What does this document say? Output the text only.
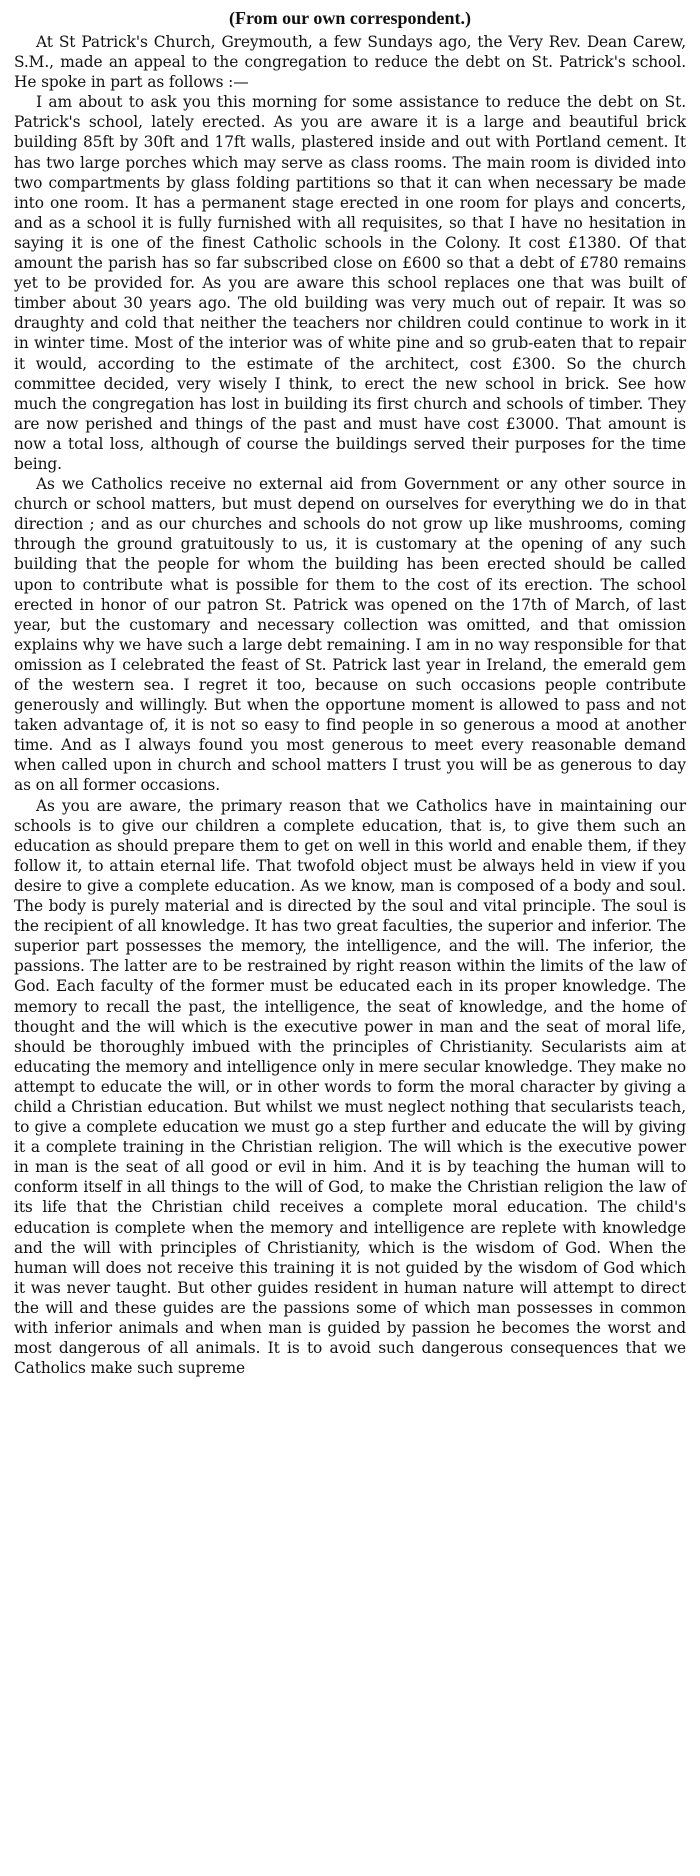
(From our own correspondent.)

At St Patrick's Church, Greymouth, a few Sundays ago, the Very Rev. Dean Carew, S.M., made an appeal to the congregation to reduce the debt on St. Patrick's school. He spoke in part as follows :—

I am about to ask you this morning for some assistance to reduce the debt on St. Patrick's school, lately erected. As you are aware it is a large and beautiful brick building 85ft by 30ft and 17ft walls, plastered inside and out with Portland cement. It has two large porches which may serve as class rooms. The main room is divided into two compartments by glass folding partitions so that it can when necessary be made into one room. It has a permanent stage erected in one room for plays and concerts, and as a school it is fully furnished with all requisites, so that I have no hesitation in saying it is one of the finest Catholic schools in the Colony. It cost £1380. Of that amount the parish has so far subscribed close on £600 so that a debt of £780 remains yet to be provided for. As you are aware this school replaces one that was built of timber about 30 years ago. The old building was very much out of repair. It was so draughty and cold that neither the teachers nor children could continue to work in it in winter time. Most of the interior was of white pine and so grub-eaten that to repair it would, according to the estimate of the architect, cost £300. So the church committee decided, very wisely I think, to erect the new school in brick. See how much the congregation has lost in building its first church and schools of timber. They are now perished and things of the past and must have cost £3000. That amount is now a total loss, although of course the buildings served their purposes for the time being.

As we Catholics receive no external aid from Government or any other source in church or school matters, but must depend on ourselves for everything we do in that direction ; and as our churches and schools do not grow up like mushrooms, coming through the ground gratuitously to us, it is customary at the opening of any such building that the people for whom the building has been erected should be called upon to contribute what is possible for them to the cost of its erection. The school erected in honor of our patron St. Patrick was opened on the 17th of March, of last year, but the customary and necessary collection was omitted, and that omission explains why we have such a large debt remaining. I am in no way responsible for that omission as I celebrated the feast of St. Patrick last year in Ireland, the emerald gem of the western sea. I regret it too, because on such occasions people contribute generously and willingly. But when the opportune moment is allowed to pass and not taken advantage of, it is not so easy to find people in so generous a mood at another time. And as I always found you most generous to meet every reasonable demand when called upon in church and school matters I trust you will be as generous to day as on all former occasions.

As you are aware, the primary reason that we Catholics have in maintaining our schools is to give our children a complete education, that is, to give them such an education as should prepare them to get on well in this world and enable them, if they follow it, to attain eternal life. That twofold object must be always held in view if you desire to give a complete education. As we know, man is composed of a body and soul. The body is purely material and is directed by the soul and vital principle. The soul is the recipient of all knowledge. It has two great faculties, the superior and inferior. The superior part possesses the memory, the intelligence, and the will. The inferior, the passions. The latter are to be restrained by right reason within the limits of the law of God. Each faculty of the former must be educated each in its proper knowledge. The memory to recall the past, the intelligence, the seat of knowledge, and the home of thought and the will which is the executive power in man and the seat of moral life, should be thoroughly imbued with the principles of Christianity. Secularists aim at educating the memory and intelligence only in mere secular knowledge. They make no attempt to educate the will, or in other words to form the moral character by giving a child a Christian education. But whilst we must neglect nothing that secularists teach, to give a complete education we must go a step further and educate the will by giving it a complete training in the Christian religion. The will which is the executive power in man is the seat of all good or evil in him. And it is by teaching the human will to conform itself in all things to the will of God, to make the Christian religion the law of its life that the Christian child receives a complete moral education. The child's education is complete when the memory and intelligence are replete with knowledge and the will with principles of Christianity, which is the wisdom of God. When the human will does not receive this training it is not guided by the wisdom of God which it was never taught. But other guides resident in human nature will attempt to direct the will and these guides are the passions some of which man possesses in common with inferior animals and when man is guided by passion he becomes the worst and most dangerous of all animals. It is to avoid such dangerous consequences that we Catholics make such supreme
